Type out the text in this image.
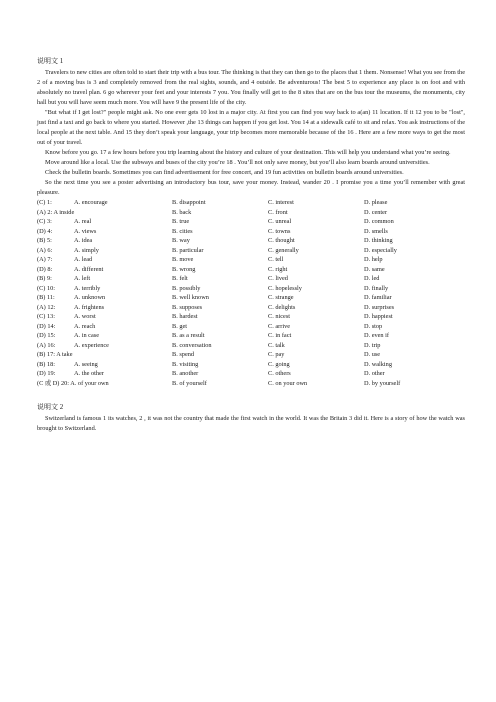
说明文 1

Travelers to new cities are often told to start their trip with a bus tour. The thinking is that they can then go to the places that 1 them. Nonsense! What you see from the 2 of a moving bus is 3 and completely removed from the real sights, sounds, and 4 outside. Be adventurous! The best 5 to experience any place is on foot and with absolutely no travel plan. 6 go wherever your feet and your interests 7 you. You finally will get to the 8 sites that are on the bus tour the museums, the monuments, city hall but you will have seem much more. You will have 9 the present life of the city.

"But what if I get lost?" people might ask. No one ever gets 10 lost in a major city. At first you can find you way back to a(an) 11 location. If it 12 you to be "lost", just find a taxi and go back to where you started. However ,the 13 things can happen if you get lost. You 14 at a sidewalk café to sit and relax. You ask instructions of the local people at the next table. And 15 they don’t speak your language, your trip becomes more memorable because of the 16 . Here are a few more ways to get the most out of your travel.

Know before you go. 17 a few hours before you trip learning about the history and culture of your destination. This will help you understand what you’re seeing.

Move around like a local. Use the subways and buses of the city you’re 18 . You’ll not only save money, but you’ll also learn boards around universities.

Check the bulletin boards. Sometimes you can find advertisement for free concert, and 19 fun activities on bulletin boards around universities.

So the next time you see a poster advertising an introductory bus tour, save your money. Instead, wander 20 . I promise you a time you’ll remember with great pleasure.

(C) 1:	A. encourage	B. disappoint	C. interest	D. please
(A) 2: A inside	B. back	C. front	D. center
(C) 3:	A. real	B. true	C. unreal	D. common
(D) 4:	A. views	B. cities	C. towns	D. smells
(B) 5:	A. idea	B. way	C. thought	D. thinking
(A) 6:	A. simply	B. particular	C. generally	D. especially
(A) 7:	A. lead	B. move	C. tell	D. help
(D) 8:	A. different	B. wrong	C. right	D. same
(B) 9:	A. left	B. felt	C. lived	D. led
(C) 10:	A. terribly	B. possibly	C. hopelessly	D. finally
(B) 11:	A. unknown	B. well known	C. strange	D. familiar
(A) 12:	A. frightens	B. supposes	C. delights	D. surprises
(C) 13:	A. worst	B. hardest	C. nicest	D. happiest
(D) 14:	A. reach	B. get	C. arrive	D. stop
(D) 15:	A. in case	B. as a result	C. in fact	D. even if
(A) 16:	A. experience	B. conversation	C. talk	D. trip
(B) 17: A take	B. spend	C. pay	D. use
(B) 18:	A. seeing	B. visiting	C. going	D. walking
(D) 19:	A. the other	B. another	C. others	D. other
(C 或 D) 20: A. of your own	B. of yourself	C. on your own	D. by yourself
说明文 2

Switzerland is famous 1 its watches, 2 , it was not the country that made the first watch in the world. It was the Britain 3 did it. Here is a story of how the watch was brought to Switzerland.
